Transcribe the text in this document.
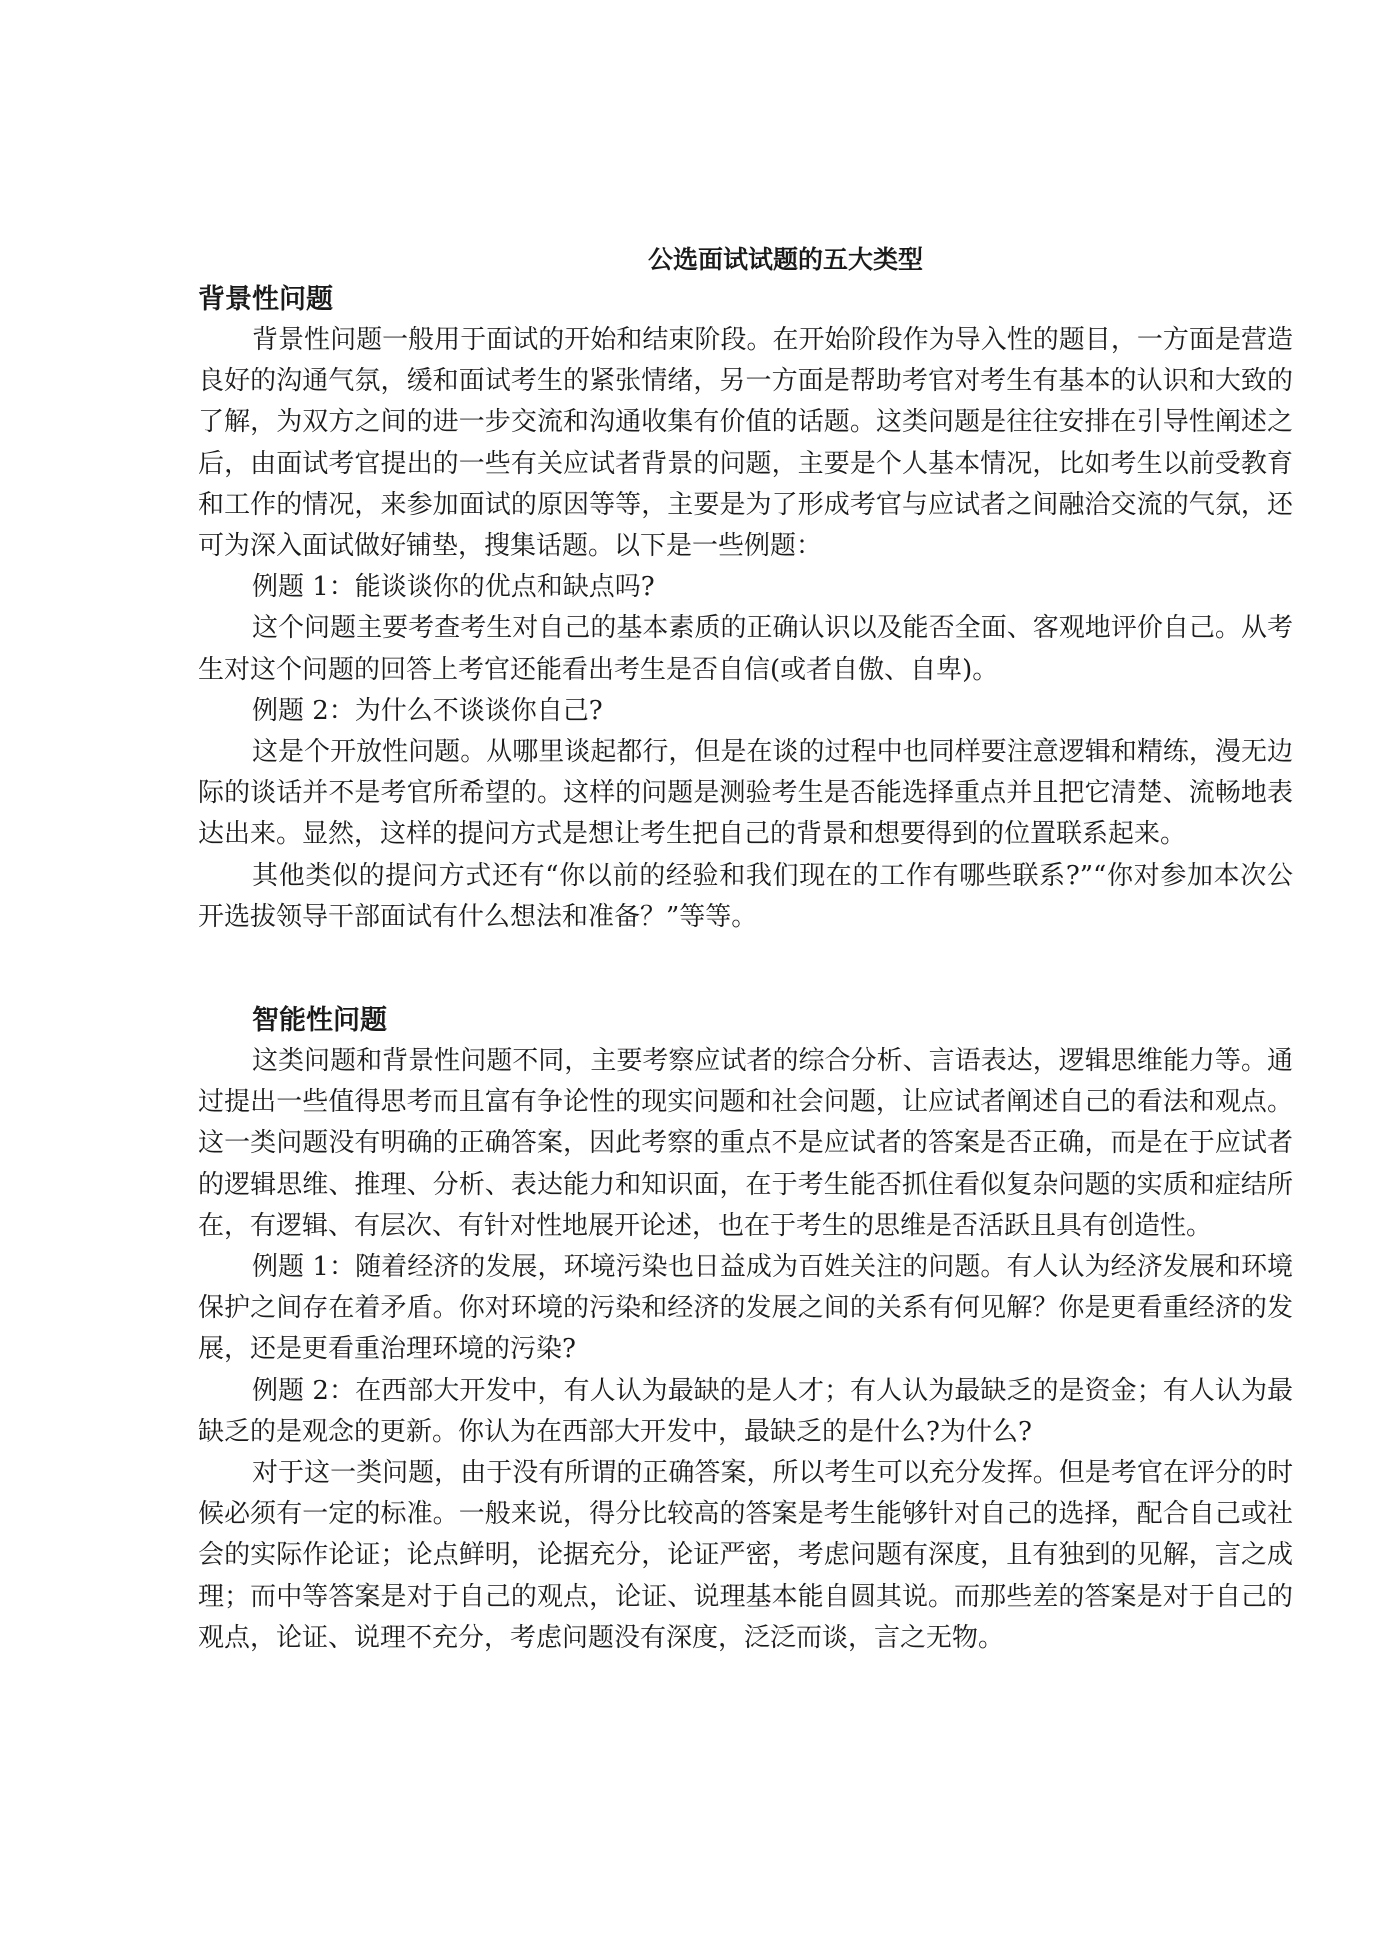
公选面试试题的五大类型
背景性问题

背景性问题一般用于面试的开始和结束阶段。在开始阶段作为导入性的题目，一方面是营造良好的沟通气氛，缓和面试考生的紧张情绪，另一方面是帮助考官对考生有基本的认识和大致的了解，为双方之间的进一步交流和沟通收集有价值的话题。这类问题是往往安排在引导性阐述之后，由面试考官提出的一些有关应试者背景的问题，主要是个人基本情况，比如考生以前受教育和工作的情况，来参加面试的原因等等，主要是为了形成考官与应试者之间融洽交流的气氛，还可为深入面试做好铺垫，搜集话题。以下是一些例题：

例题 1：能谈谈你的优点和缺点吗?

这个问题主要考查考生对自己的基本素质的正确认识以及能否全面、客观地评价自己。从考生对这个问题的回答上考官还能看出考生是否自信(或者自傲、自卑)。

例题 2：为什么不谈谈你自己?

这是个开放性问题。从哪里谈起都行，但是在谈的过程中也同样要注意逻辑和精练，漫无边际的谈话并不是考官所希望的。这样的问题是测验考生是否能选择重点并且把它清楚、流畅地表达出来。显然，这样的提问方式是想让考生把自己的背景和想要得到的位置联系起来。

其他类似的提问方式还有“你以前的经验和我们现在的工作有哪些联系?”“你对参加本次公开选拔领导干部面试有什么想法和准备？”等等。

智能性问题

这类问题和背景性问题不同，主要考察应试者的综合分析、言语表达，逻辑思维能力等。通过提出一些值得思考而且富有争论性的现实问题和社会问题，让应试者阐述自己的看法和观点。这一类问题没有明确的正确答案，因此考察的重点不是应试者的答案是否正确，而是在于应试者的逻辑思维、推理、分析、表达能力和知识面，在于考生能否抓住看似复杂问题的实质和症结所在，有逻辑、有层次、有针对性地展开论述，也在于考生的思维是否活跃且具有创造性。

例题 1：随着经济的发展，环境污染也日益成为百姓关注的问题。有人认为经济发展和环境保护之间存在着矛盾。你对环境的污染和经济的发展之间的关系有何见解？你是更看重经济的发展，还是更看重治理环境的污染?

例题 2：在西部大开发中，有人认为最缺的是人才；有人认为最缺乏的是资金；有人认为最缺乏的是观念的更新。你认为在西部大开发中，最缺乏的是什么?为什么?

对于这一类问题，由于没有所谓的正确答案，所以考生可以充分发挥。但是考官在评分的时候必须有一定的标准。一般来说，得分比较高的答案是考生能够针对自己的选择，配合自己或社会的实际作论证；论点鲜明，论据充分，论证严密，考虑问题有深度，且有独到的见解，言之成理；而中等答案是对于自己的观点，论证、说理基本能自圆其说。而那些差的答案是对于自己的观点，论证、说理不充分，考虑问题没有深度，泛泛而谈，言之无物。
